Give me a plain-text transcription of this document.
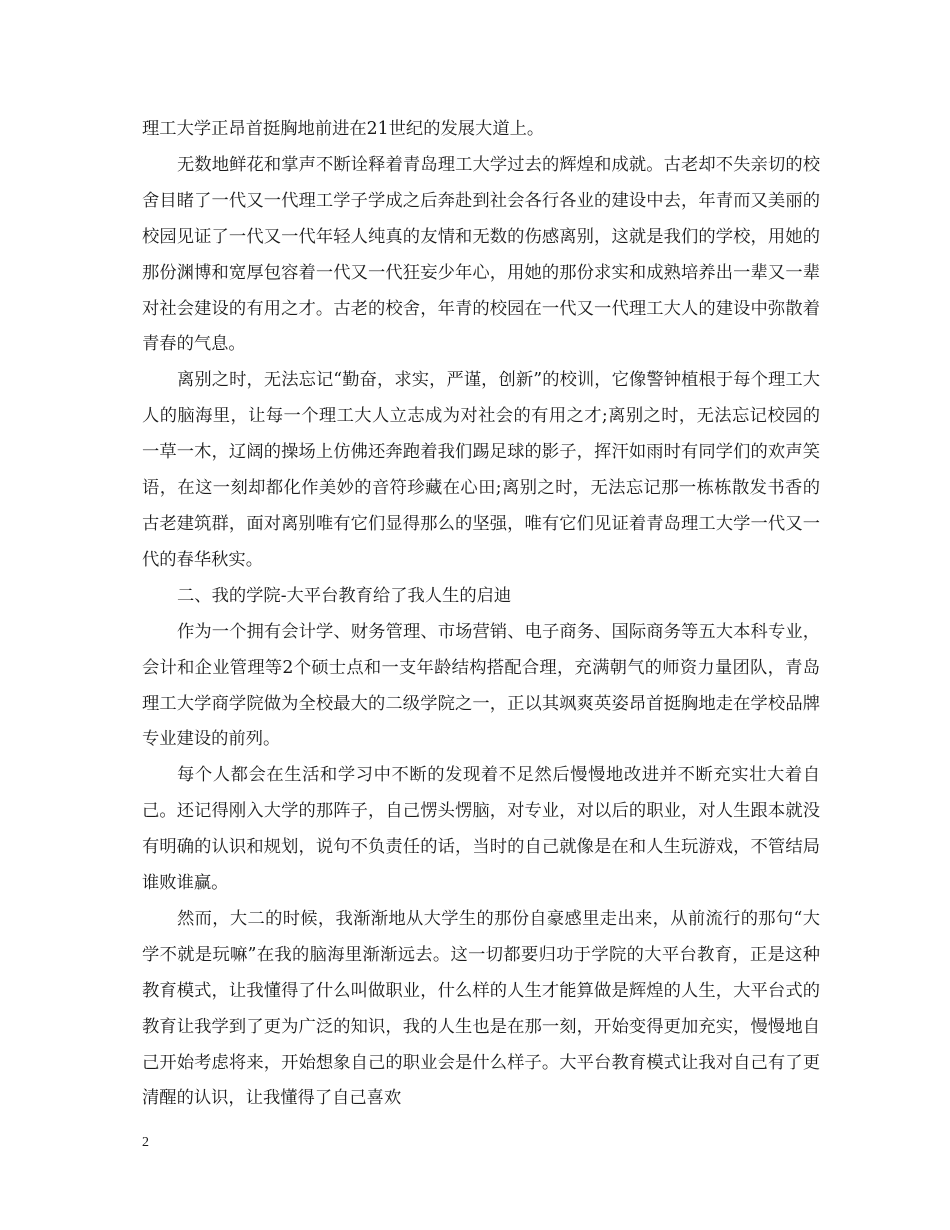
理工大学正昂首挺胸地前进在21世纪的发展大道上。

无数地鲜花和掌声不断诠释着青岛理工大学过去的辉煌和成就。古老却不失亲切的校舍目睹了一代又一代理工学子学成之后奔赴到社会各行各业的建设中去，年青而又美丽的校园见证了一代又一代年轻人纯真的友情和无数的伤感离别，这就是我们的学校，用她的那份渊博和宽厚包容着一代又一代狂妄少年心，用她的那份求实和成熟培养出一辈又一辈对社会建设的有用之才。古老的校舍，年青的校园在一代又一代理工大人的建设中弥散着青春的气息。

离别之时，无法忘记“勤奋，求实，严谨，创新”的校训，它像警钟植根于每个理工大人的脑海里，让每一个理工大人立志成为对社会的有用之才;离别之时，无法忘记校园的一草一木，辽阔的操场上仿佛还奔跑着我们踢足球的影子，挥汗如雨时有同学们的欢声笑语，在这一刻却都化作美妙的音符珍藏在心田;离别之时，无法忘记那一栋栋散发书香的古老建筑群，面对离别唯有它们显得那么的坚强，唯有它们见证着青岛理工大学一代又一代的春华秋实。

二、我的学院-大平台教育给了我人生的启迪

作为一个拥有会计学、财务管理、市场营销、电子商务、国际商务等五大本科专业，会计和企业管理等2个硕士点和一支年龄结构搭配合理，充满朝气的师资力量团队，青岛理工大学商学院做为全校最大的二级学院之一，正以其飒爽英姿昂首挺胸地走在学校品牌专业建设的前列。

每个人都会在生活和学习中不断的发现着不足然后慢慢地改进并不断充实壮大着自己。还记得刚入大学的那阵子，自己愣头愣脑，对专业，对以后的职业，对人生跟本就没有明确的认识和规划，说句不负责任的话，当时的自己就像是在和人生玩游戏，不管结局谁败谁赢。

然而，大二的时候，我渐渐地从大学生的那份自豪感里走出来，从前流行的那句“大学不就是玩嘛”在我的脑海里渐渐远去。这一切都要归功于学院的大平台教育，正是这种教育模式，让我懂得了什么叫做职业，什么样的人生才能算做是辉煌的人生，大平台式的教育让我学到了更为广泛的知识，我的人生也是在那一刻，开始变得更加充实，慢慢地自己开始考虑将来，开始想象自己的职业会是什么样子。大平台教育模式让我对自己有了更清醒的认识，让我懂得了自己喜欢

2
